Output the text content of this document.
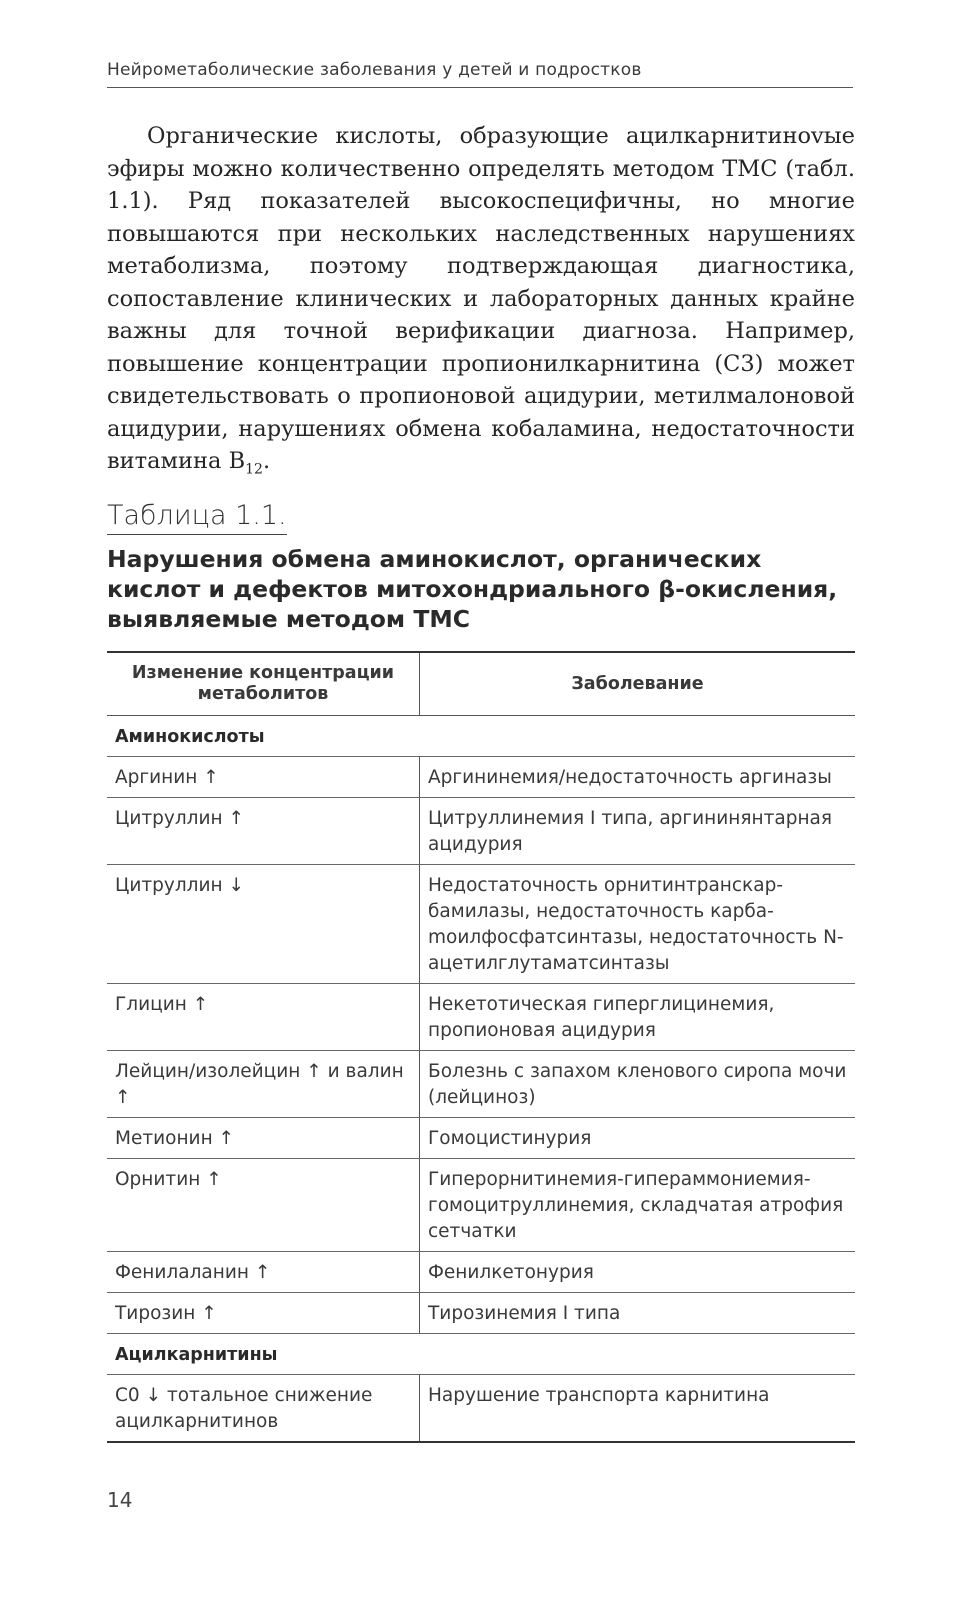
Нейрометаболические заболевания у детей и подростков

Органические кислоты, образующие ацилкарнитиноvые эфиры можно количественно определять методом ТМС (табл. 1.1). Ряд показателей высокоспецифичны, но многие повышаются при нескольких наследственных нарушениях метаболизма, поэтому подтверждающая диагностика, сопоставление клинических и лабораторных данных крайне важны для точной верификации диагноза. Например, повышение концентрации пропионилкарнитина (С3) может свидетельствовать о пропионовой ацидурии, метилмалоновой ацидурии, нарушениях обмена кобаламина, недостаточности витамина $B_{12}$.

Таблица 1.1.
Нарушения обмена аминокислот, органических кислот и дефектов митохондриального β-окисления, выявляемые методом ТМС
Изменение концентрации метаболитов	Заболевание
Аминокислоты	
Аргинин ↑	Аргининемия/недостаточность аргиназы
Цитруллин ↑	Цитруллинемия I типа, аргининянтарная ацидурия
Цитруллин ↓	Недостаточность орнитинтранскарбамилазы, недостаточность карбаmоилфосфатсинтазы, недостаточность N-ацетилглутаматсинтазы
Глицин ↑	Некетотическая гиперглицинемия, пропионовая ацидурия
Лейцин/изолейцин ↑ и валин ↑	Болезнь с запахом кленового сиропа мочи (лейциноз)
Метионин ↑	Гомоцистинурия
Орнитин ↑	Гиперорнитинемия-гипераммониемия-гомоцитруллинемия, складчатая атрофия сетчатки
Фенилаланин ↑	Фенилкетонурия
Тирозин ↑	Тирозинемия I типа
Ацилкарнитины	
C0 ↓ тотальное снижение ацилкарнитинов	Нарушение транспорта карнитина
14
